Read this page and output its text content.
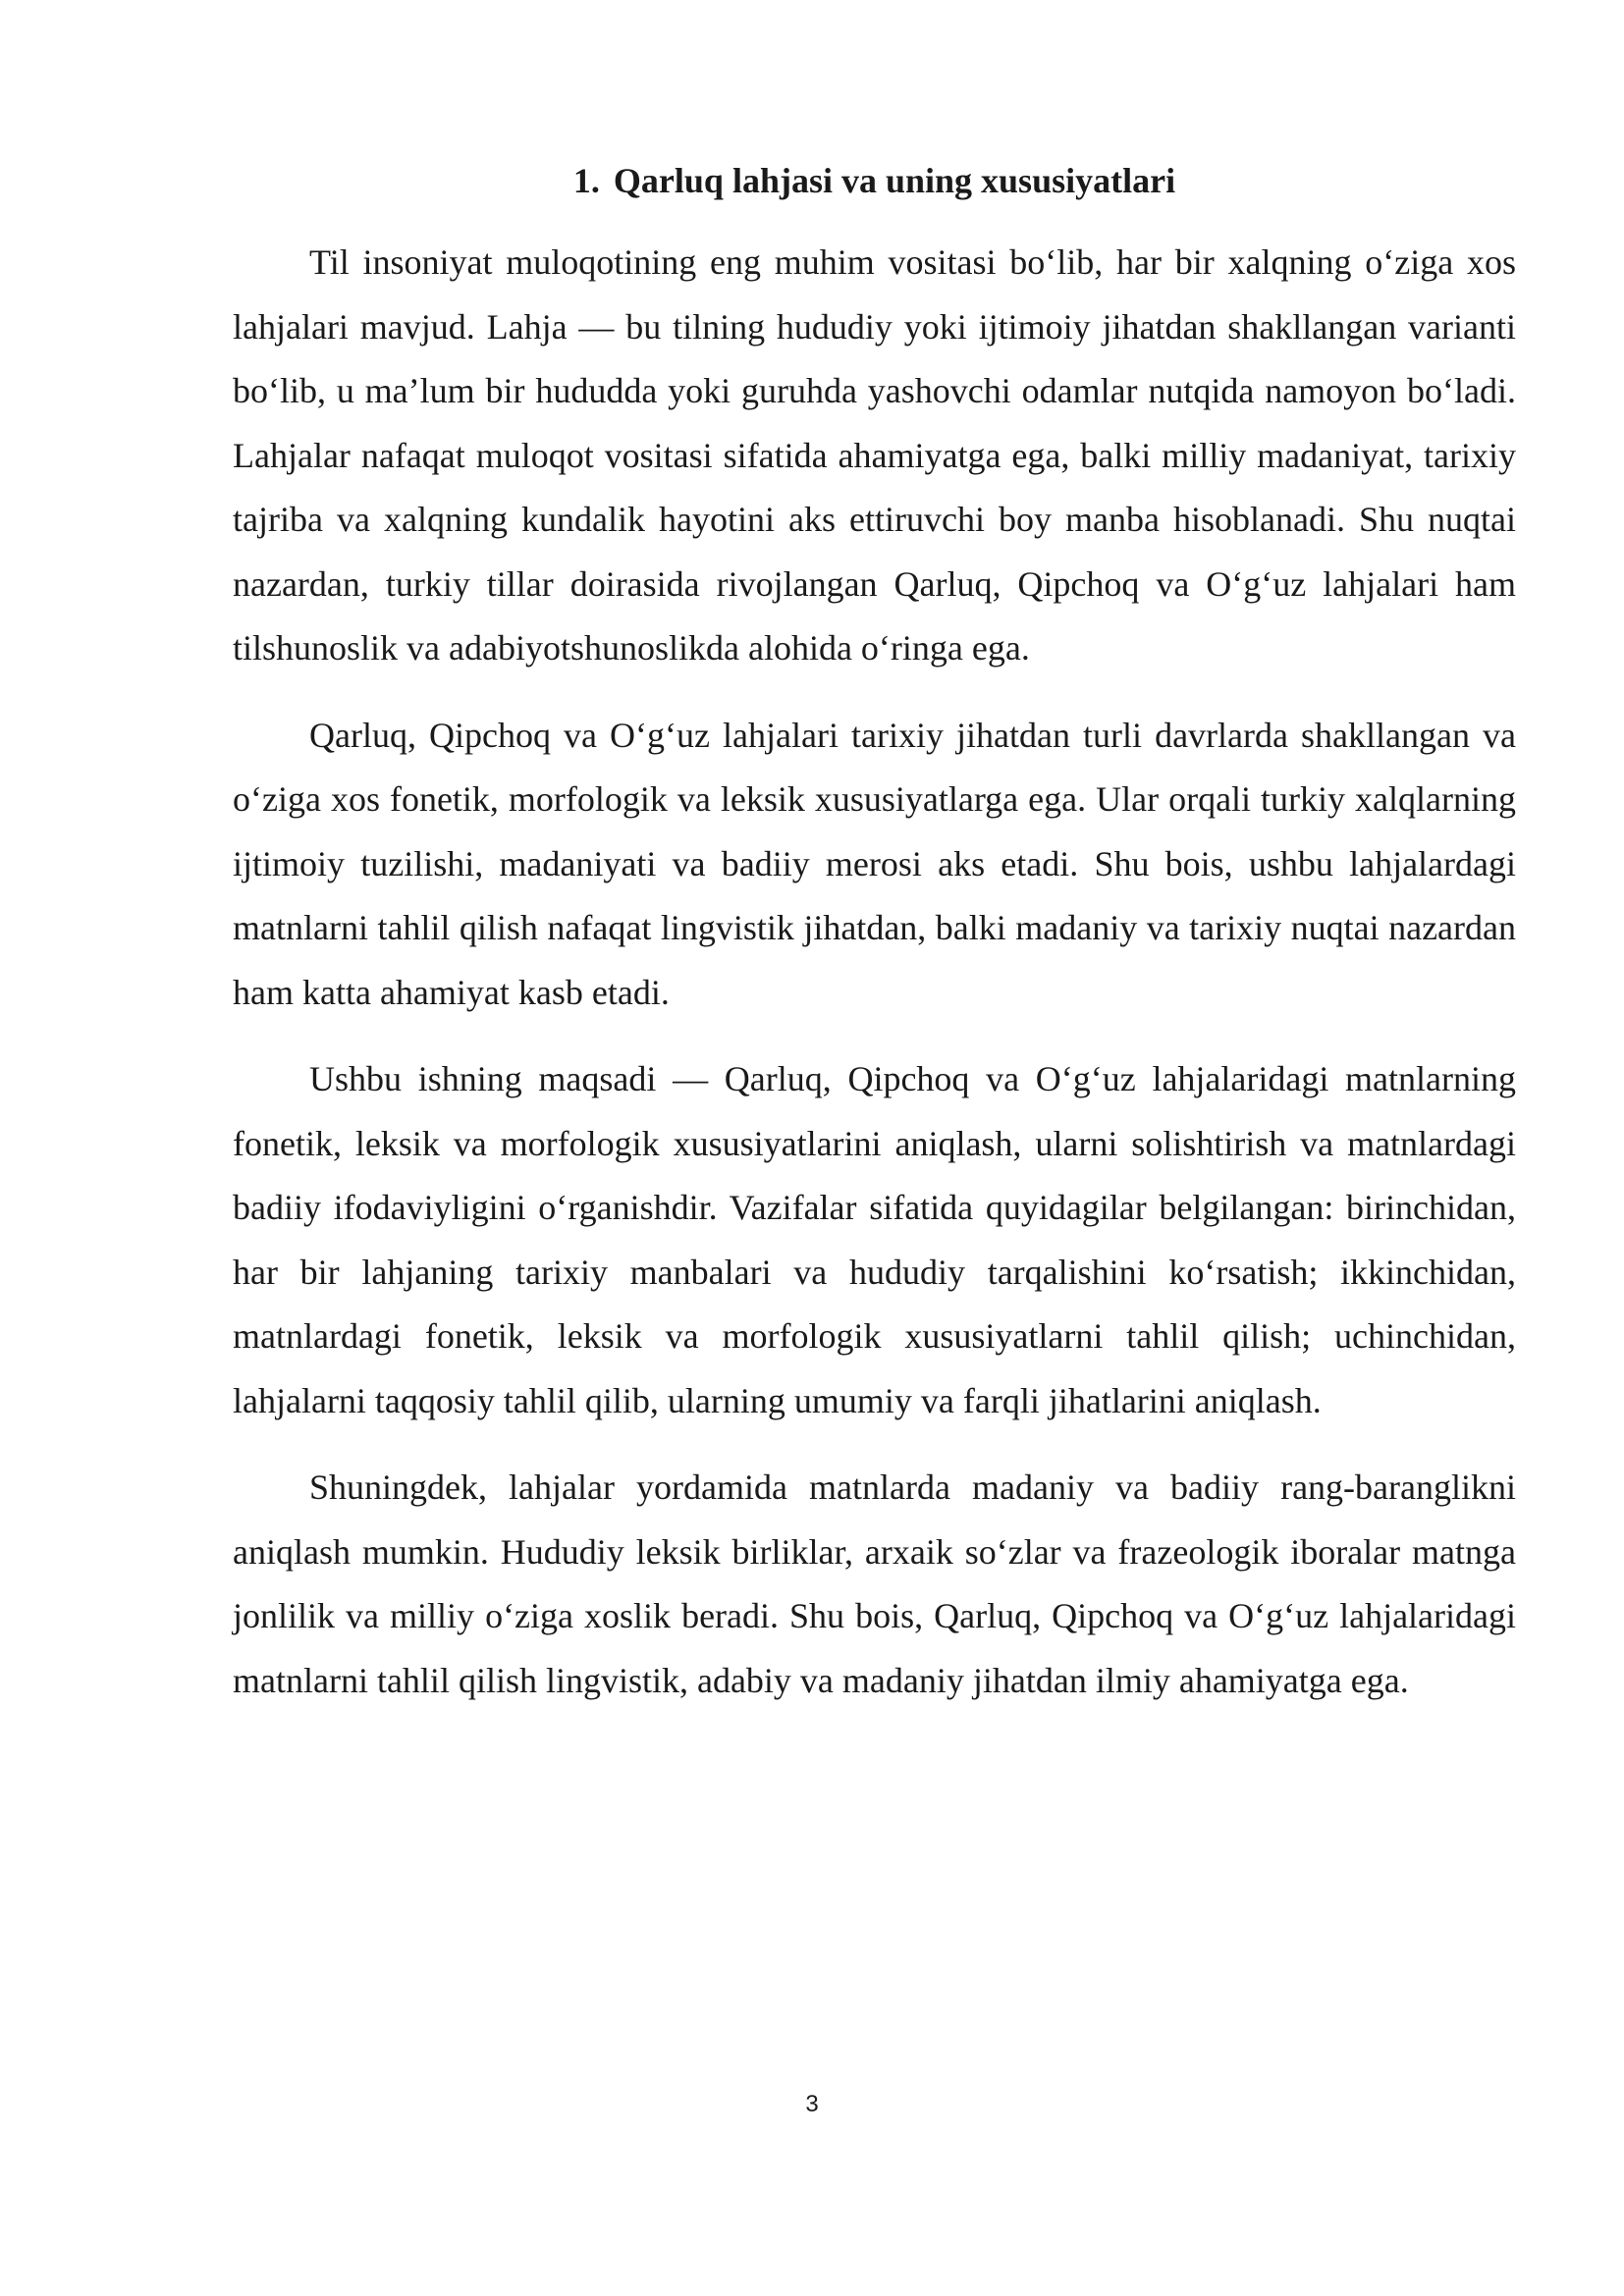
1. Qarluq lahjasi va uning xususiyatlari

Til insoniyat muloqotining eng muhim vositasi bo‘lib, har bir xalqning o‘ziga xos lahjalari mavjud. Lahja — bu tilning hududiy yoki ijtimoiy jihatdan shakllangan varianti bo‘lib, u ma’lum bir hududda yoki guruhda yashovchi odamlar nutqida namoyon bo‘ladi. Lahjalar nafaqat muloqot vositasi sifatida ahamiyatga ega, balki milliy madaniyat, tarixiy tajriba va xalqning kundalik hayotini aks ettiruvchi boy manba hisoblanadi. Shu nuqtai nazardan, turkiy tillar doirasida rivojlangan Qarluq, Qipchoq va O‘g‘uz lahjalari ham tilshunoslik va adabiyotshunoslikda alohida o‘ringa ega.

Qarluq, Qipchoq va O‘g‘uz lahjalari tarixiy jihatdan turli davrlarda shakllangan va o‘ziga xos fonetik, morfologik va leksik xususiyatlarga ega. Ular orqali turkiy xalqlarning ijtimoiy tuzilishi, madaniyati va badiiy merosi aks etadi. Shu bois, ushbu lahjalardagi matnlarni tahlil qilish nafaqat lingvistik jihatdan, balki madaniy va tarixiy nuqtai nazardan ham katta ahamiyat kasb etadi.

Ushbu ishning maqsadi — Qarluq, Qipchoq va O‘g‘uz lahjalaridagi matnlarning fonetik, leksik va morfologik xususiyatlarini aniqlash, ularni solishtirish va matnlardagi badiiy ifodaviyligini o‘rganishdir. Vazifalar sifatida quyidagilar belgilangan: birinchidan, har bir lahjaning tarixiy manbalari va hududiy tarqalishini ko‘rsatish; ikkinchidan, matnlardagi fonetik, leksik va morfologik xususiyatlarni tahlil qilish; uchinchidan, lahjalarni taqqosiy tahlil qilib, ularning umumiy va farqli jihatlarini aniqlash.

Shuningdek, lahjalar yordamida matnlarda madaniy va badiiy rang-baranglikni aniqlash mumkin. Hududiy leksik birliklar, arxaik so‘zlar va frazeologik iboralar matnga jonlilik va milliy o‘ziga xoslik beradi. Shu bois, Qarluq, Qipchoq va O‘g‘uz lahjalaridagi matnlarni tahlil qilish lingvistik, adabiy va madaniy jihatdan ilmiy ahamiyatga ega.

3
